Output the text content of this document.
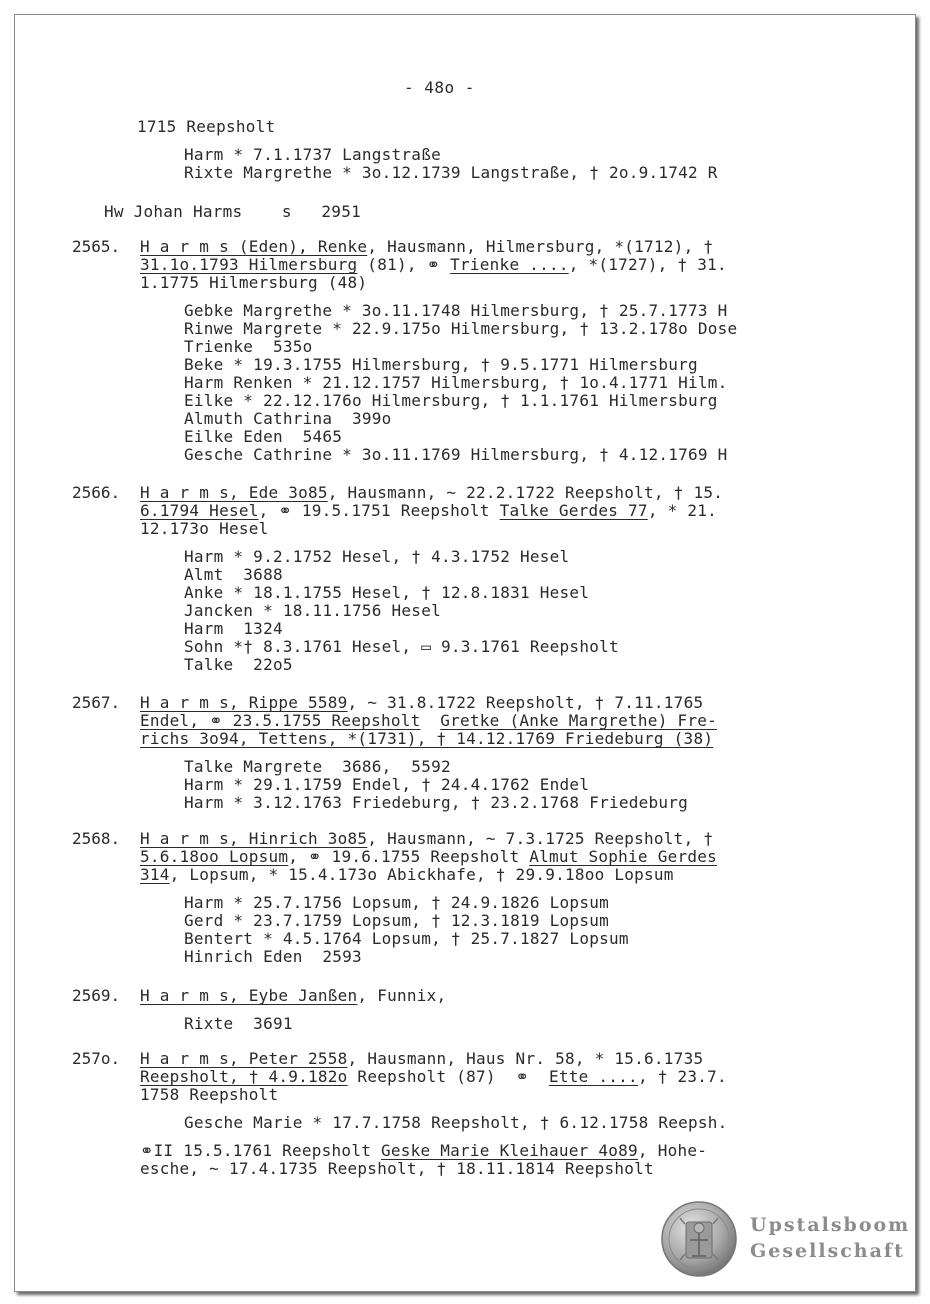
- 48o -
1715 Reepsholt
Harm * 7.1.1737 Langstraße
Rixte Margrethe * 3o.12.1739 Langstraße, † 2o.9.1742 R
Hw Johan Harms    s   2951
2565. H a r m s (Eden), Renke, Hausmann, Hilmersburg, *(1712), †
31.1o.1793 Hilmersburg (81), ⚭ Trienke ...., *(1727), † 31.
1.1775 Hilmersburg (48)
Gebke Margrethe * 3o.11.1748 Hilmersburg, † 25.7.1773 H
Rinwe Margrete * 22.9.175o Hilmersburg, † 13.2.178o Dose
Trienke  535o
Beke * 19.3.1755 Hilmersburg, † 9.5.1771 Hilmersburg
Harm Renken * 21.12.1757 Hilmersburg, † 1o.4.1771 Hilm.
Eilke * 22.12.176o Hilmersburg, † 1.1.1761 Hilmersburg
Almuth Cathrina  399o
Eilke Eden  5465
Gesche Cathrine * 3o.11.1769 Hilmersburg, † 4.12.1769 H
2566. H a r m s, Ede 3o85, Hausmann, ~ 22.2.1722 Reepsholt, † 15.
6.1794 Hesel, ⚭ 19.5.1751 Reepsholt Talke Gerdes 77, * 21.
12.173o Hesel
Harm * 9.2.1752 Hesel, † 4.3.1752 Hesel
Almt  3688
Anke * 18.1.1755 Hesel, † 12.8.1831 Hesel
Jancken * 18.11.1756 Hesel
Harm  1324
Sohn *† 8.3.1761 Hesel, ▭ 9.3.1761 Reepsholt
Talke  22o5
2567. H a r m s, Rippe 5589, ~ 31.8.1722 Reepsholt, † 7.11.1765
Endel, ⚭ 23.5.1755 Reepsholt Gretke (Anke Margrethe) Fre-
richs 3o94, Tettens, *(1731), † 14.12.1769 Friedeburg (38)
Talke Margrete  3686,  5592
Harm * 29.1.1759 Endel, † 24.4.1762 Endel
Harm * 3.12.1763 Friedeburg, † 23.2.1768 Friedeburg
2568. H a r m s, Hinrich 3o85, Hausmann, ~ 7.3.1725 Reepsholt, †
5.6.18oo Lopsum, ⚭ 19.6.1755 Reepsholt Almut Sophie Gerdes
314, Lopsum, * 15.4.173o Abickhafe, † 29.9.18oo Lopsum
Harm * 25.7.1756 Lopsum, † 24.9.1826 Lopsum
Gerd * 23.7.1759 Lopsum, † 12.3.1819 Lopsum
Bentert * 4.5.1764 Lopsum, † 25.7.1827 Lopsum
Hinrich Eden  2593
2569. H a r m s, Eybe Janßen, Funnix,
Rixte  3691
257o. H a r m s, Peter 2558, Hausmann, Haus Nr. 58, * 15.6.1735
Reepsholt, † 4.9.182o Reepsholt (87)  ⚭  Ette ...., † 23.7.
1758 Reepsholt
Gesche Marie * 17.7.1758 Reepsholt, † 6.12.1758 Reepsh.
⚭II 15.5.1761 Reepsholt Geske Marie Kleihauer 4o89, Hohe-
esche, ~ 17.4.1735 Reepsholt, † 18.11.1814 Reepsholt
Upstalsboom
Gesellschaft
